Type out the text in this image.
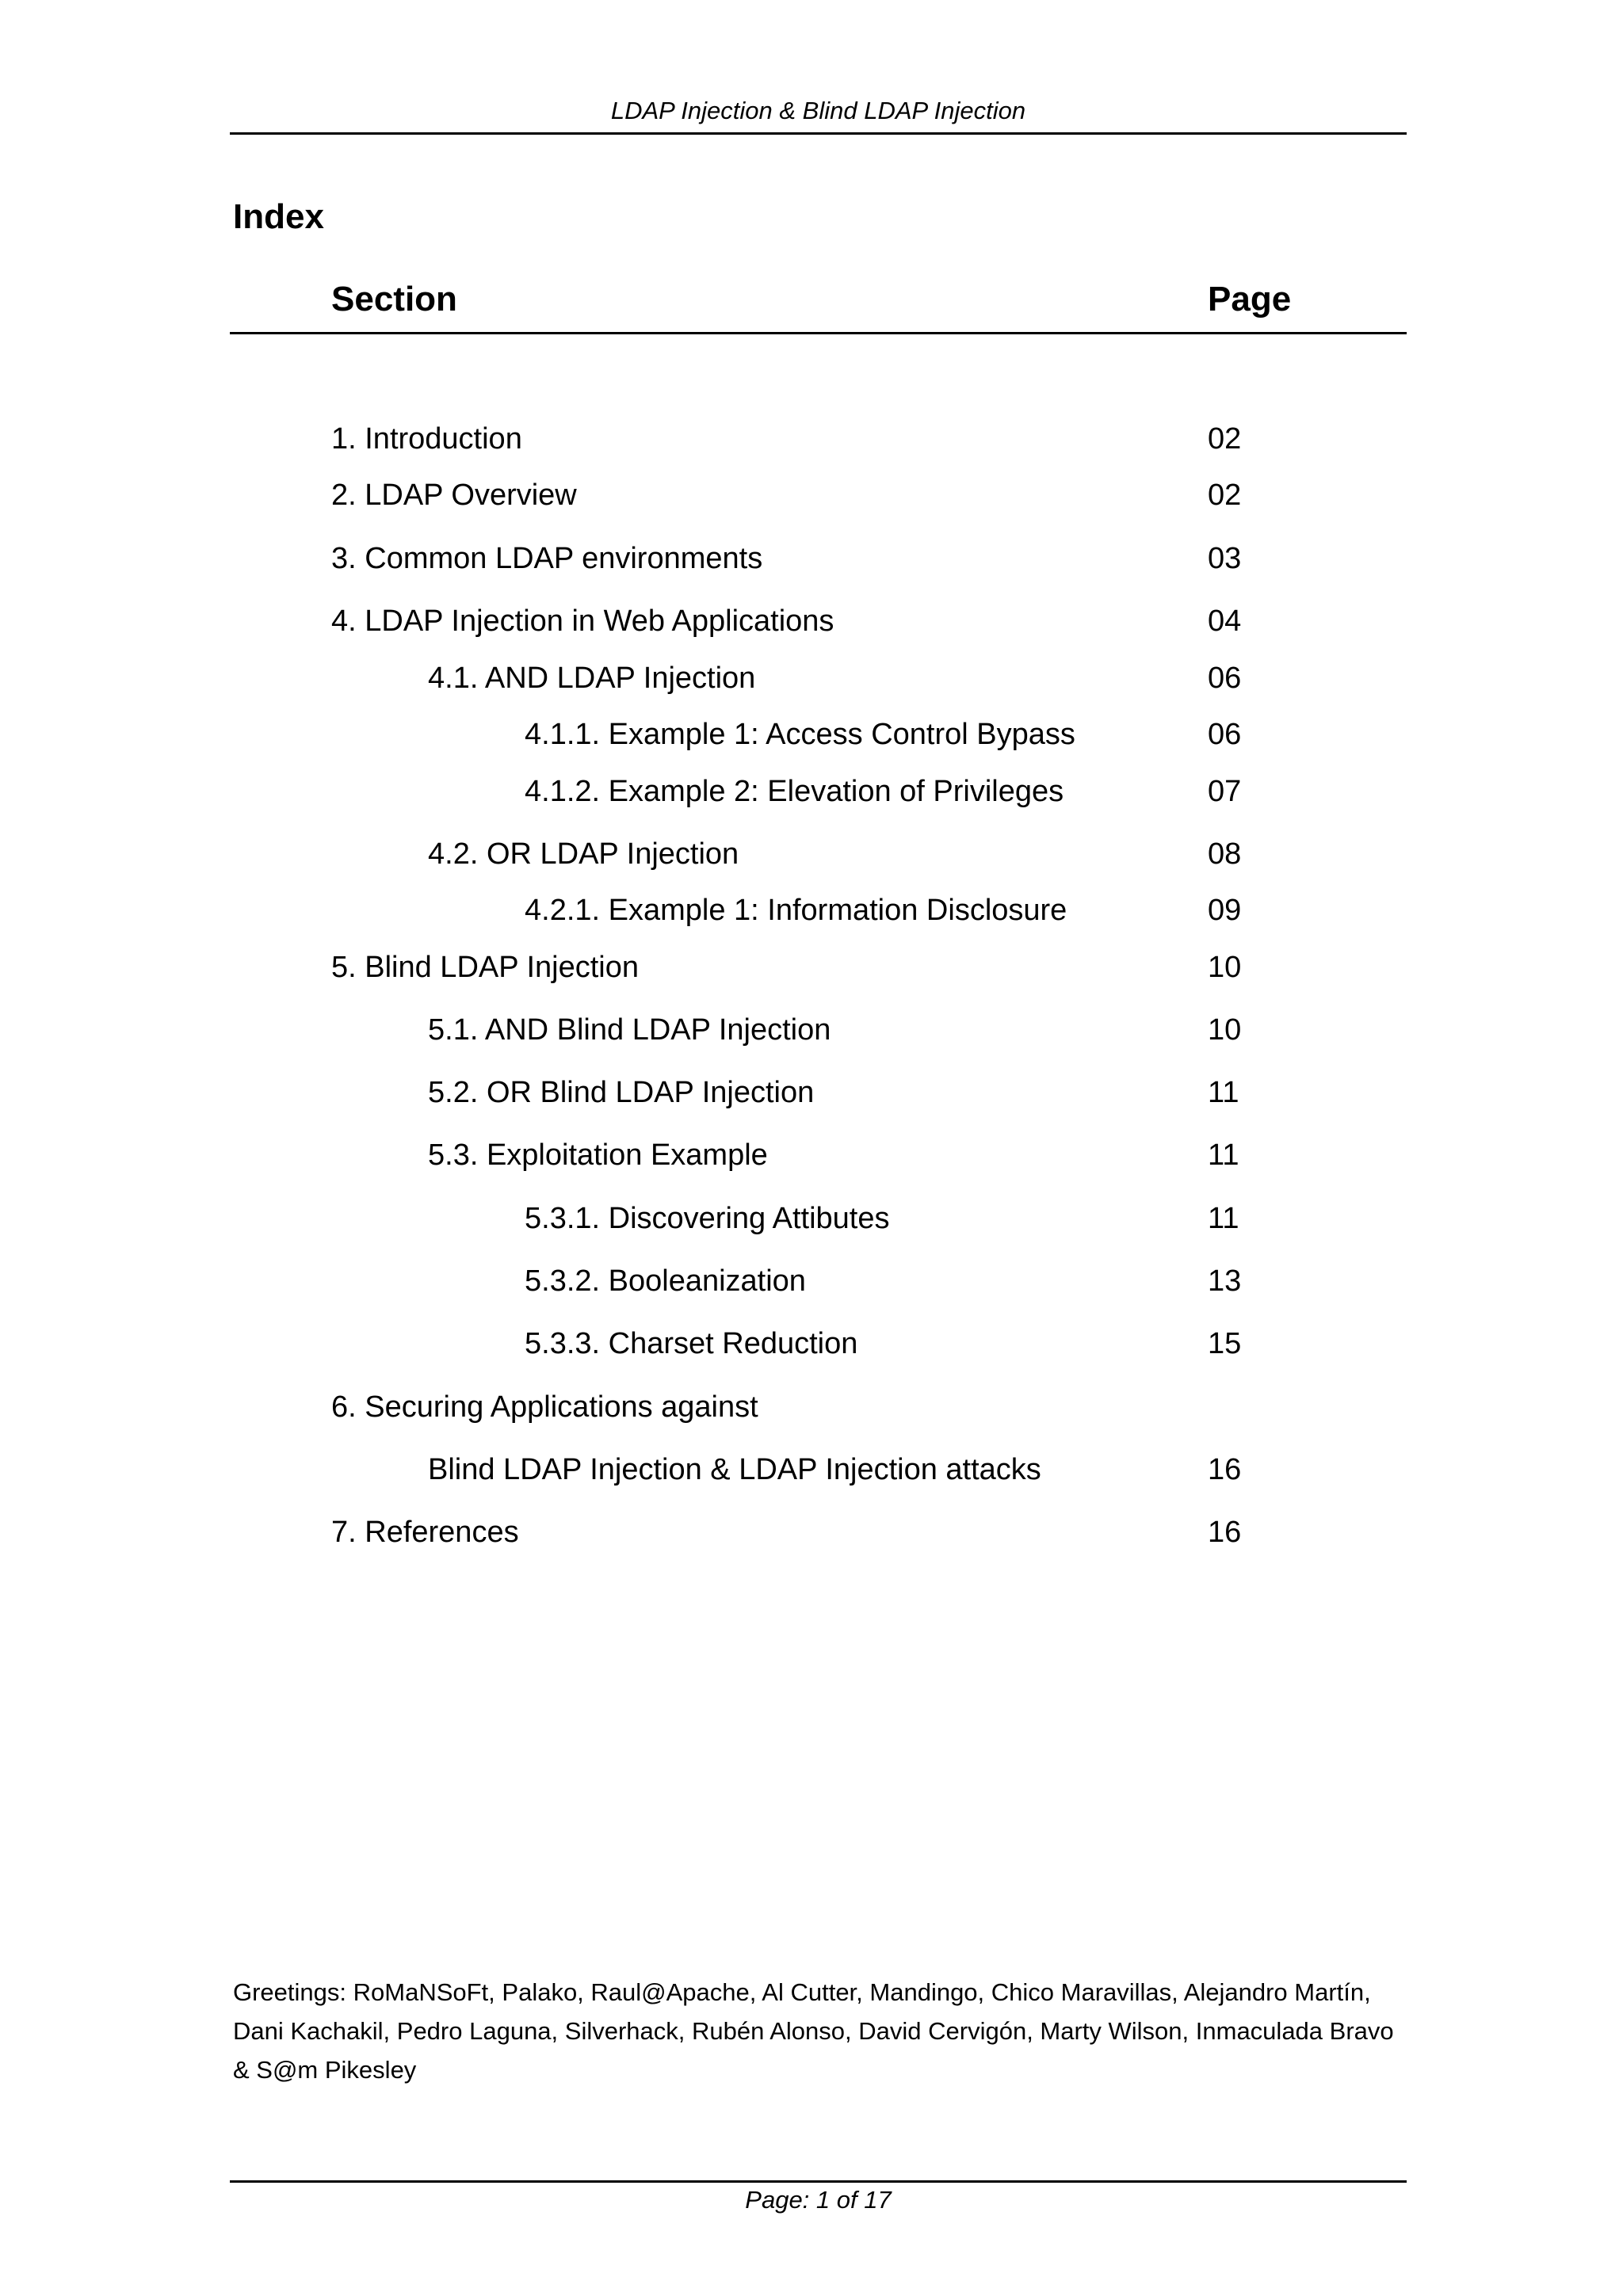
LDAP Injection & Blind LDAP Injection
Index
Section	Page
1. Introduction	02
2. LDAP Overview	02
3. Common LDAP environments	03
4. LDAP Injection in Web Applications	04
4.1. AND LDAP Injection	06
4.1.1. Example 1: Access Control Bypass	06
4.1.2. Example 2: Elevation of Privileges	07
4.2. OR LDAP Injection	08
4.2.1. Example 1: Information Disclosure	09
5. Blind LDAP Injection	10
5.1. AND Blind LDAP Injection	10
5.2. OR Blind LDAP Injection	11
5.3. Exploitation Example	11
5.3.1. Discovering Attibutes	11
5.3.2. Booleanization	13
5.3.3. Charset Reduction	15
6. Securing Applications against
Blind LDAP Injection & LDAP Injection attacks	16
7. References	16

Greetings: RoMaNSoFt, Palako, Raul@Apache, Al Cutter, Mandingo, Chico Maravillas, Alejandro Martín, Dani Kachakil, Pedro Laguna, Silverhack, Rubén Alonso, David Cervigón, Marty Wilson, Inmaculada Bravo & S@m Pikesley

Page: 1 of 17
